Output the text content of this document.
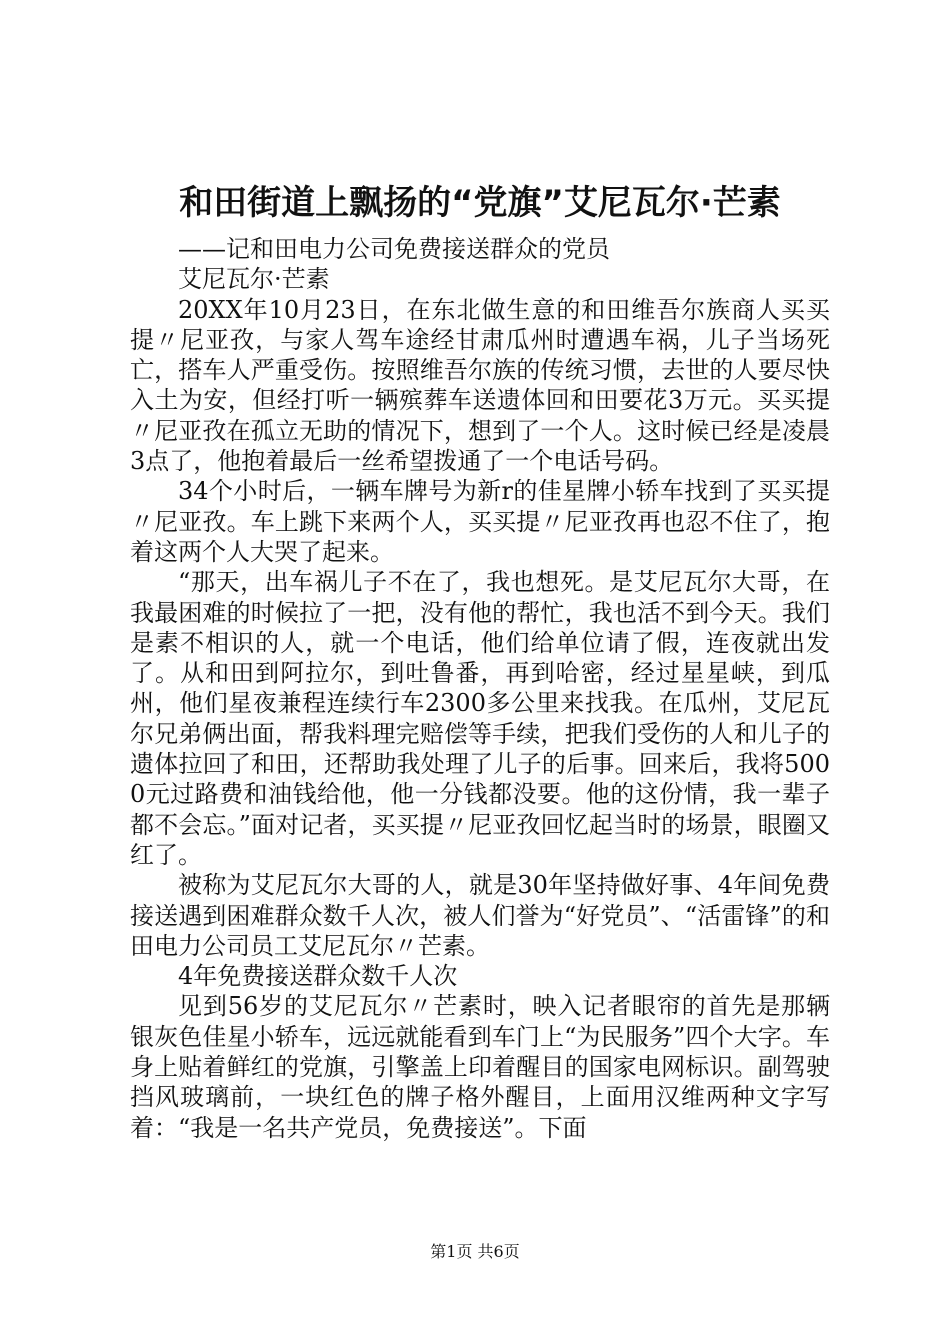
和田街道上飘扬的“党旗”艾尼瓦尔·芒素

——记和田电力公司免费接送群众的党员

艾尼瓦尔·芒素

20XX年10月23日，在东北做生意的和田维吾尔族商人买买提〃尼亚孜，与家人驾车途经甘肃瓜州时遭遇车祸，儿子当场死亡，搭车人严重受伤。按照维吾尔族的传统习惯，去世的人要尽快入土为安，但经打听一辆殡葬车送遗体回和田要花3万元。买买提〃尼亚孜在孤立无助的情况下，想到了一个人。这时候已经是凌晨3点了，他抱着最后一丝希望拨通了一个电话号码。

34个小时后，一辆车牌号为新r的佳星牌小轿车找到了买买提〃尼亚孜。车上跳下来两个人，买买提〃尼亚孜再也忍不住了，抱着这两个人大哭了起来。

“那天，出车祸儿子不在了，我也想死。是艾尼瓦尔大哥，在我最困难的时候拉了一把，没有他的帮忙，我也活不到今天。我们是素不相识的人，就一个电话，他们给单位请了假，连夜就出发了。从和田到阿拉尔，到吐鲁番，再到哈密，经过星星峡，到瓜州，他们星夜兼程连续行车2300多公里来找我。在瓜州，艾尼瓦尔兄弟俩出面，帮我料理完赔偿等手续，把我们受伤的人和儿子的遗体拉回了和田，还帮助我处理了儿子的后事。回来后，我将5000元过路费和油钱给他，他一分钱都没要。他的这份情，我一辈子都不会忘。”面对记者，买买提〃尼亚孜回忆起当时的场景，眼圈又红了。

被称为艾尼瓦尔大哥的人，就是30年坚持做好事、4年间免费接送遇到困难群众数千人次，被人们誉为“好党员”、“活雷锋”的和田电力公司员工艾尼瓦尔〃芒素。

4年免费接送群众数千人次

见到56岁的艾尼瓦尔〃芒素时，映入记者眼帘的首先是那辆银灰色佳星小轿车，远远就能看到车门上“为民服务”四个大字。车身上贴着鲜红的党旗，引擎盖上印着醒目的国家电网标识。副驾驶挡风玻璃前，一块红色的牌子格外醒目，上面用汉维两种文字写着：“我是一名共产党员，免费接送”。下面

第1页 共6页
